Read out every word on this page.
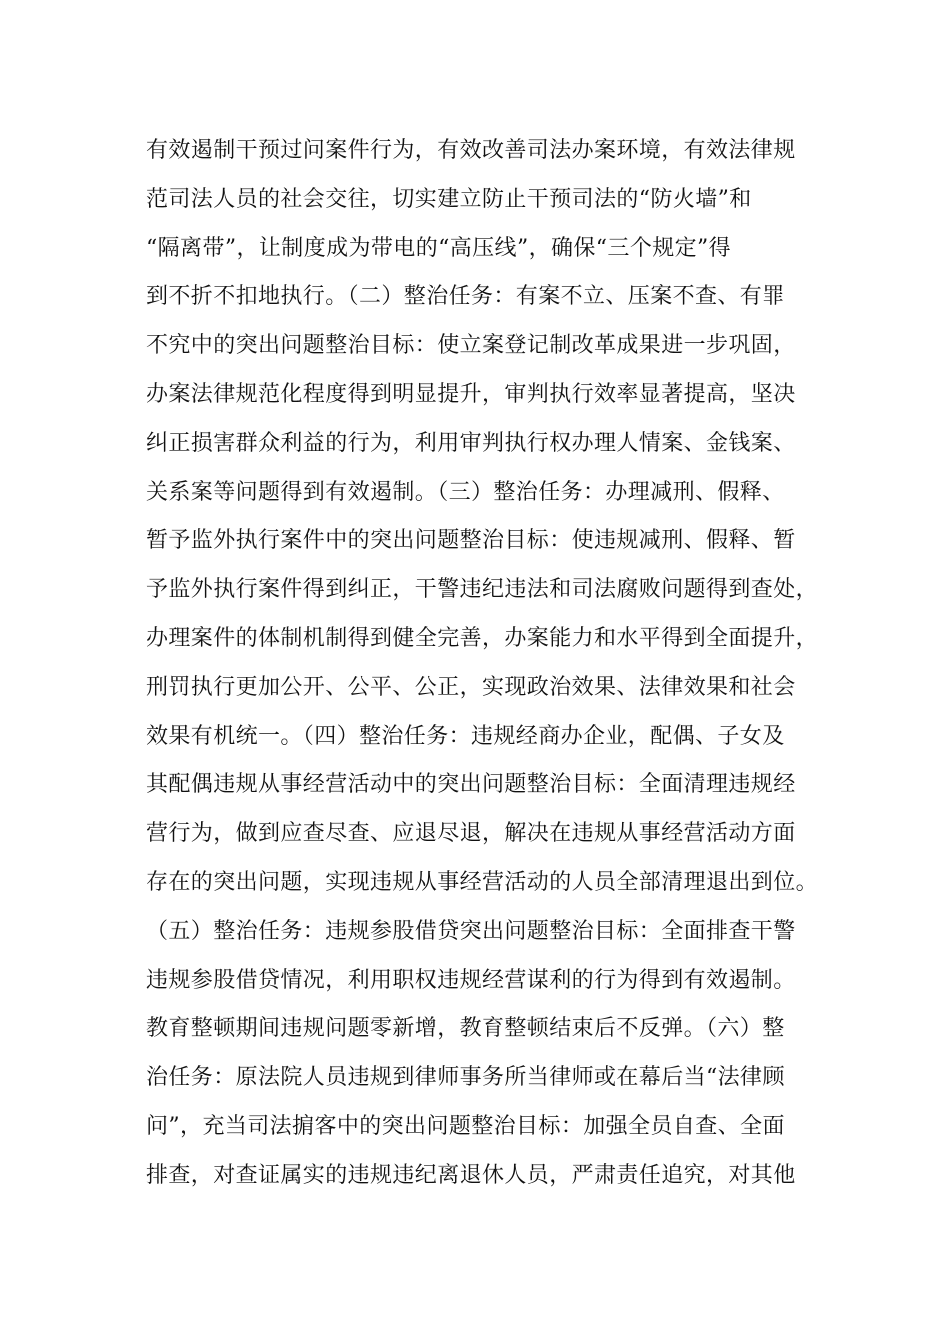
有效遏制干预过问案件行为，有效改善司法办案环境，有效法律规
范司法人员的社会交往，切实建立防止干预司法的“防火墙”和
“隔离带”，让制度成为带电的“高压线”，确保“三个规定”得
到不折不扣地执行。（二）整治任务：有案不立、压案不查、有罪
不究中的突出问题整治目标：使立案登记制改革成果进一步巩固，
办案法律规范化程度得到明显提升，审判执行效率显著提高，坚决
纠正损害群众利益的行为，利用审判执行权办理人情案、金钱案、
关系案等问题得到有效遏制。（三）整治任务：办理减刑、假释、
暂予监外执行案件中的突出问题整治目标：使违规减刑、假释、暂
予监外执行案件得到纠正，干警违纪违法和司法腐败问题得到查处，
办理案件的体制机制得到健全完善，办案能力和水平得到全面提升，
刑罚执行更加公开、公平、公正，实现政治效果、法律效果和社会
效果有机统一。（四）整治任务：违规经商办企业，配偶、子女及
其配偶违规从事经营活动中的突出问题整治目标：全面清理违规经
营行为，做到应查尽查、应退尽退，解决在违规从事经营活动方面
存在的突出问题，实现违规从事经营活动的人员全部清理退出到位。
（五）整治任务：违规参股借贷突出问题整治目标：全面排查干警
违规参股借贷情况，利用职权违规经营谋利的行为得到有效遏制。
教育整顿期间违规问题零新增，教育整顿结束后不反弹。（六）整
治任务：原法院人员违规到律师事务所当律师或在幕后当“法律顾
问”，充当司法掮客中的突出问题整治目标：加强全员自查、全面
排查，对查证属实的违规违纪离退休人员，严肃责任追究，对其他
